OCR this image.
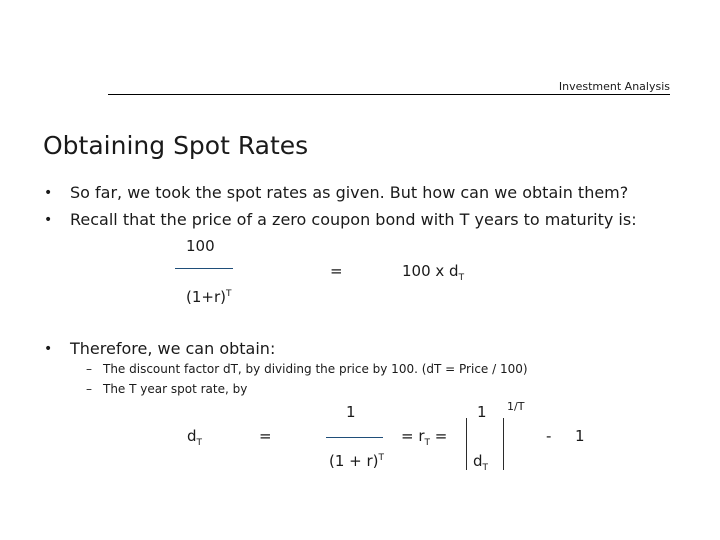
Investment Analysis
Obtaining Spot Rates
• So far, we took the spot rates as given. But how can we obtain them?
• Recall that the price of a zero coupon bond with T years to maturity is:
100
$(1+r)^T$
=	100 x $d_T$
• Therefore, we can obtain:
– The discount factor dT, by dividing the price by 100. (dT = Price / 100)
– The T year spot rate, by
$d_T$	=
1
$(1 + r)^T$
= $r_T$ =
1 1/T
$d_T$
- 1
